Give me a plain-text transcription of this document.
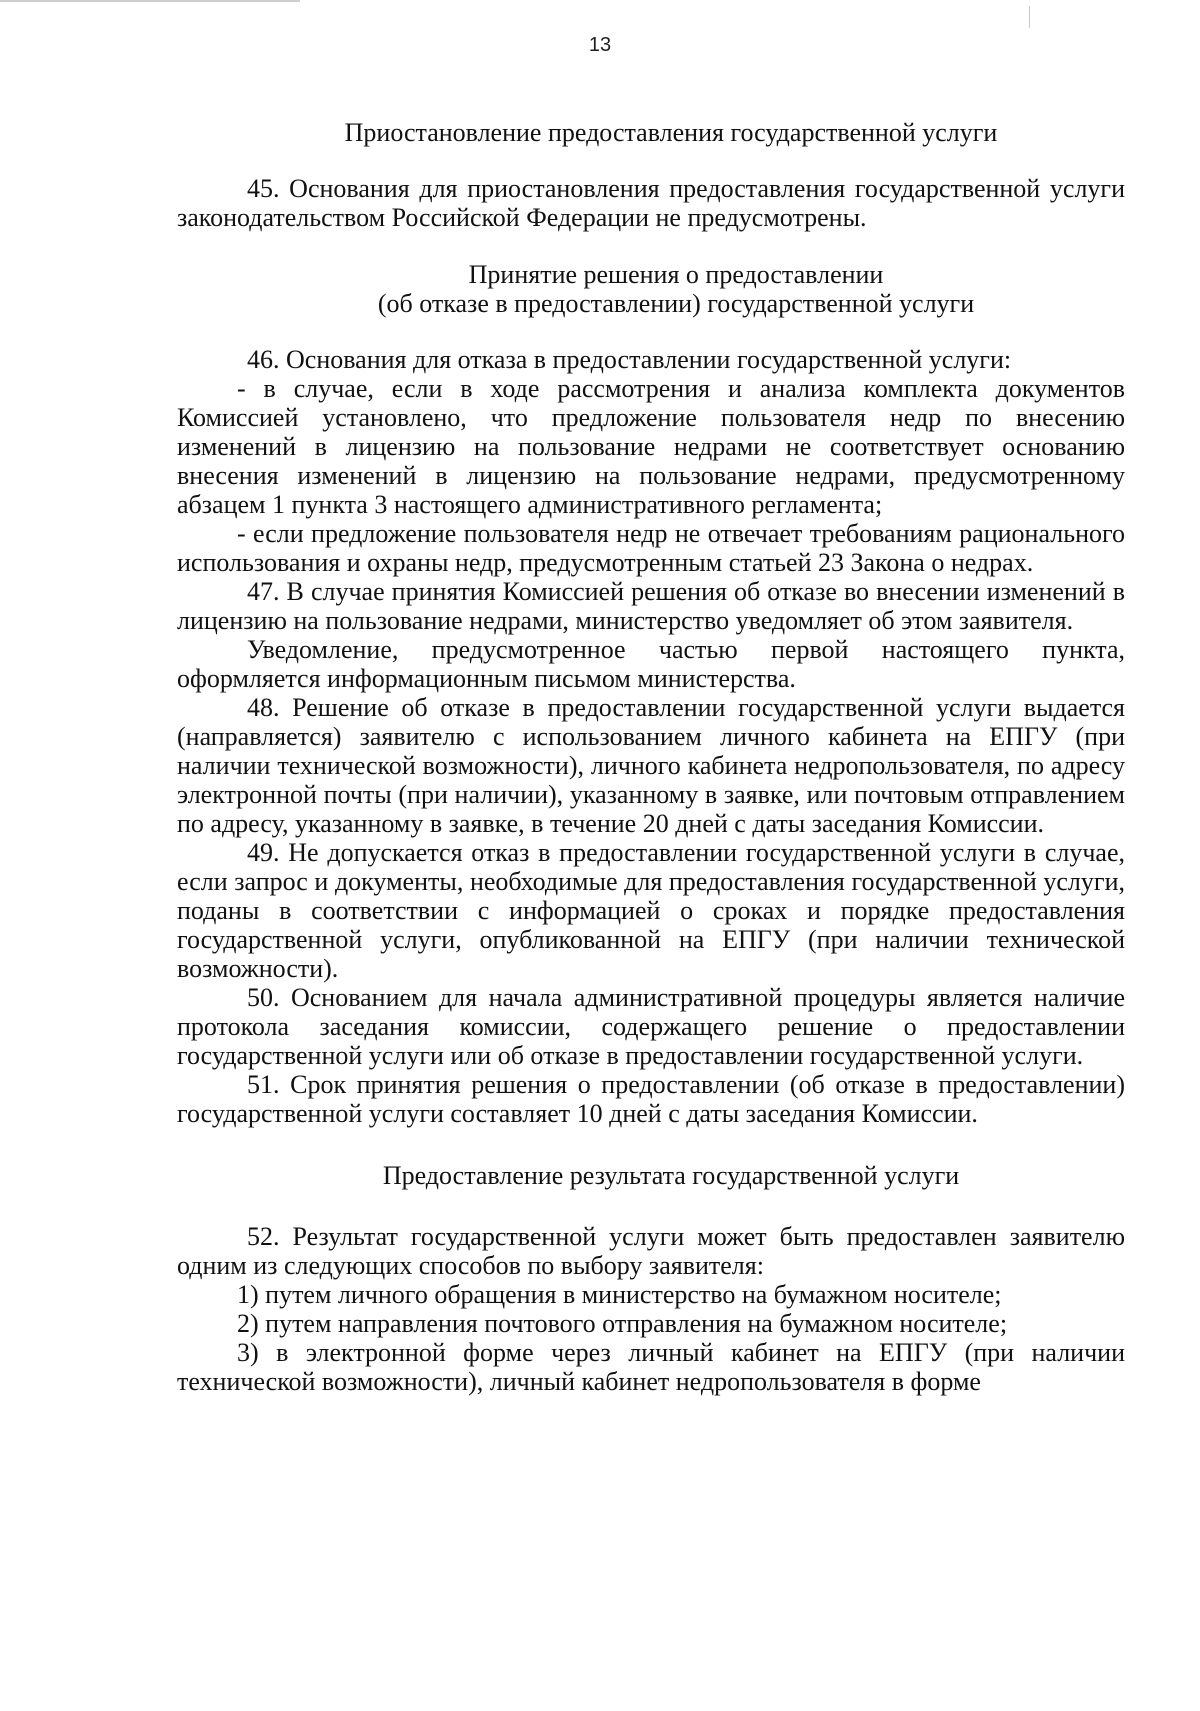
13

Приостановление предоставления государственной услуги

45. Основания для приостановления предоставления государственной услуги законодательством Российской Федерации не предусмотрены.

Принятие решения о предоставлении
(об отказе в предоставлении) государственной услуги

46. Основания для отказа в предоставлении государственной услуги:

- в случае, если в ходе рассмотрения и анализа комплекта документов Комиссией установлено, что предложение пользователя недр по внесению изменений в лицензию на пользование недрами не соответствует основанию внесения изменений в лицензию на пользование недрами, предусмотренному абзацем 1 пункта 3 настоящего административного регламента;

- если предложение пользователя недр не отвечает требованиям рационального использования и охраны недр, предусмотренным статьей 23 Закона о недрах.

47. В случае принятия Комиссией решения об отказе во внесении изменений в лицензию на пользование недрами, министерство уведомляет об этом заявителя.

Уведомление, предусмотренное частью первой настоящего пункта, оформляется информационным письмом министерства.

48. Решение об отказе в предоставлении государственной услуги выдается (направляется) заявителю с использованием личного кабинета на ЕПГУ (при наличии технической возможности), личного кабинета недропользователя, по адресу электронной почты (при наличии), указанному в заявке, или почтовым отправлением по адресу, указанному в заявке, в течение 20 дней с даты заседания Комиссии.

49. Не допускается отказ в предоставлении государственной услуги в случае, если запрос и документы, необходимые для предоставления государственной услуги, поданы в соответствии с информацией о сроках и порядке предоставления государственной услуги, опубликованной на ЕПГУ (при наличии технической возможности).

50. Основанием для начала административной процедуры является наличие протокола заседания комиссии, содержащего решение о предоставлении государственной услуги или об отказе в предоставлении государственной услуги.

51. Срок принятия решения о предоставлении (об отказе в предоставлении) государственной услуги составляет 10 дней с даты заседания Комиссии.

Предоставление результата государственной услуги

52. Результат государственной услуги может быть предоставлен заявителю одним из следующих способов по выбору заявителя:

1) путем личного обращения в министерство на бумажном носителе;

2) путем направления почтового отправления на бумажном носителе;

3) в электронной форме через личный кабинет на ЕПГУ (при наличии технической возможности), личный кабинет недропользователя в форме
